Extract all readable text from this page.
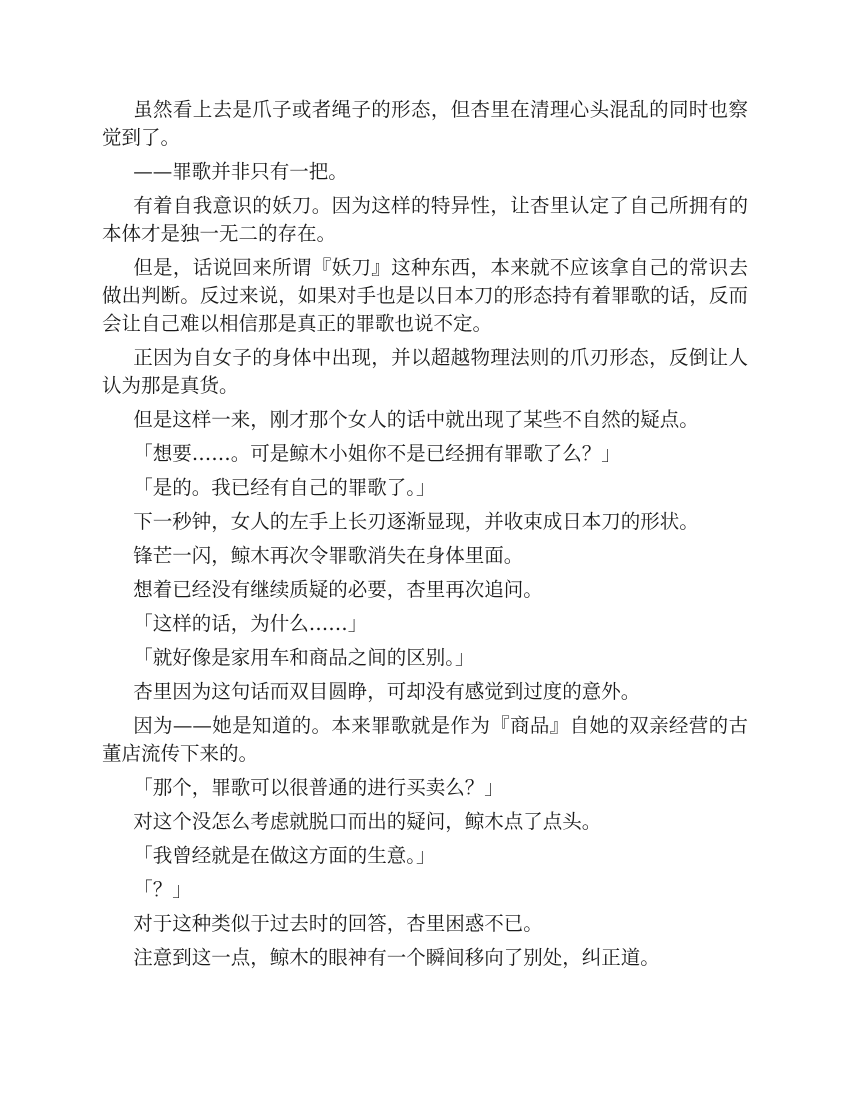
虽然看上去是爪子或者绳子的形态，但杏里在清理心头混乱的同时也察觉到了。

——罪歌并非只有一把。

有着自我意识的妖刀。因为这样的特异性，让杏里认定了自己所拥有的本体才是独一无二的存在。

但是，话说回来所谓『妖刀』这种东西，本来就不应该拿自己的常识去做出判断。反过来说，如果对手也是以日本刀的形态持有着罪歌的话，反而会让自己难以相信那是真正的罪歌也说不定。

正因为自女子的身体中出现，并以超越物理法则的爪刃形态，反倒让人认为那是真货。

但是这样一来，刚才那个女人的话中就出现了某些不自然的疑点。

「想要……。可是鲸木小姐你不是已经拥有罪歌了么？」

「是的。我已经有自己的罪歌了。」

下一秒钟，女人的左手上长刃逐渐显现，并收束成日本刀的形状。

锋芒一闪，鲸木再次令罪歌消失在身体里面。

想着已经没有继续质疑的必要，杏里再次追问。

「这样的话，为什么……」

「就好像是家用车和商品之间的区别。」

杏里因为这句话而双目圆睁，可却没有感觉到过度的意外。

因为——她是知道的。本来罪歌就是作为『商品』自她的双亲经营的古董店流传下来的。

「那个，罪歌可以很普通的进行买卖么？」

对这个没怎么考虑就脱口而出的疑问，鲸木点了点头。

「我曾经就是在做这方面的生意。」

「？」

对于这种类似于过去时的回答，杏里困惑不已。

注意到这一点，鲸木的眼神有一个瞬间移向了别处，纠正道。
